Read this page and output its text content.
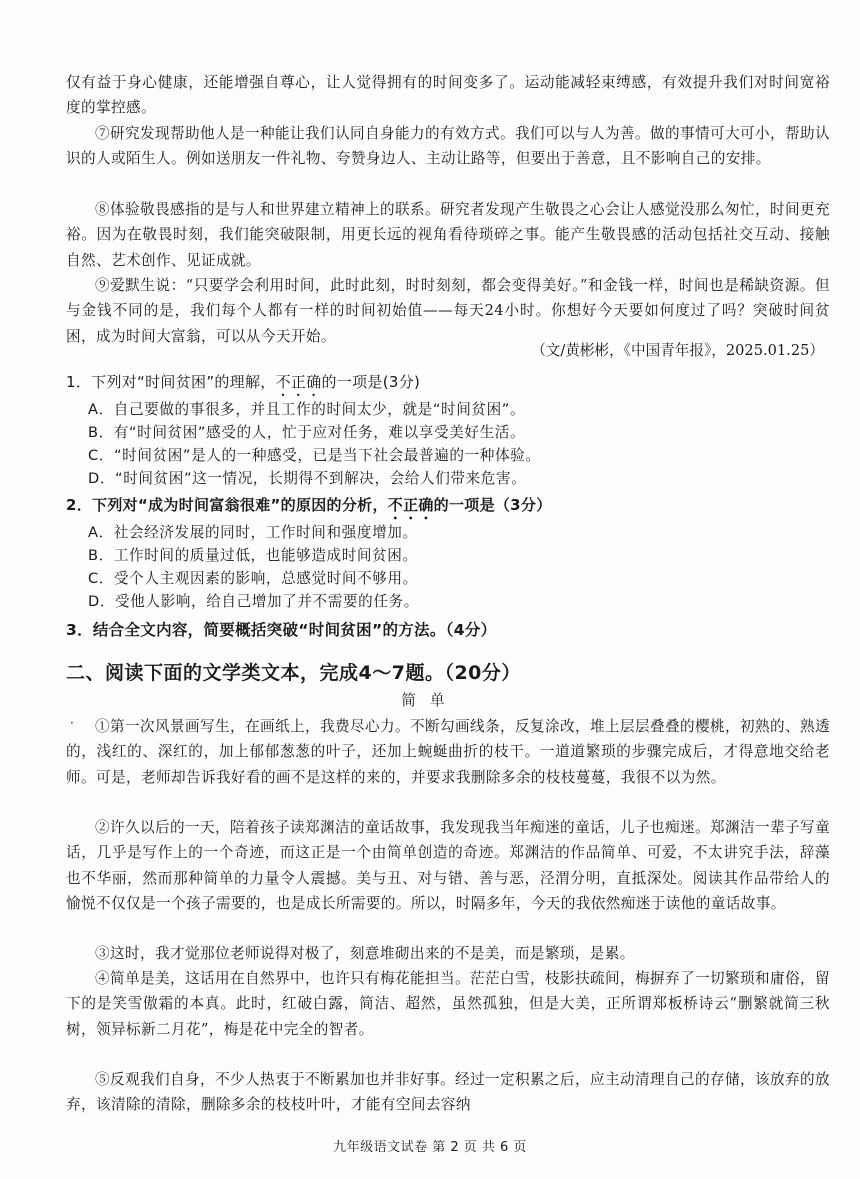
仅有益于身心健康，还能增强自尊心，让人觉得拥有的时间变多了。运动能减轻束缚感，有效提升我们对时间宽裕度的掌控感。

⑦研究发现帮助他人是一种能让我们认同自身能力的有效方式。我们可以与人为善。做的事情可大可小，帮助认识的人或陌生人。例如送朋友一件礼物、夸赞身边人、主动让路等，但要出于善意，且不影响自己的安排。

⑧体验敬畏感指的是与人和世界建立精神上的联系。研究者发现产生敬畏之心会让人感觉没那么匆忙，时间更充裕。因为在敬畏时刻，我们能突破限制，用更长远的视角看待琐碎之事。能产生敬畏感的活动包括社交互动、接触自然、艺术创作、见证成就。

⑨爱默生说：“只要学会利用时间，此时此刻，时时刻刻，都会变得美好。”和金钱一样，时间也是稀缺资源。但与金钱不同的是，我们每个人都有一样的时间初始值——每天24小时。你想好今天要如何度过了吗？突破时间贫困，成为时间大富翁，可以从今天开始。

（文/黄彬彬，《中国青年报》，2025.01.25）
1．下列对“时间贫困”的理解，不正确的一项是(3分)
A．自己要做的事很多，并且工作的时间太少，就是“时间贫困”。
B．有“时间贫困”感受的人，忙于应对任务，难以享受美好生活。
C．“时间贫困”是人的一种感受，已是当下社会最普遍的一种体验。
D．“时间贫困”这一情况，长期得不到解决，会给人们带来危害。
2．下列对“成为时间富翁很难”的原因的分析，不正确的一项是（3分）
A．社会经济发展的同时，工作时间和强度增加。
B．工作时间的质量过低，也能够造成时间贫困。
C．受个人主观因素的影响，总感觉时间不够用。
D．受他人影响，给自己增加了并不需要的任务。
3．结合全文内容，简要概括突破“时间贫困”的方法。（4分）
二、阅读下面的文学类文本，完成4～7题。（20分）
简单
·	①第一次风景画写生，在画纸上，我费尽心力。不断勾画线条，反复涂改，堆上层层叠叠的樱桃，初熟的、熟透的，浅红的、深红的，加上郁郁葱葱的叶子，还加上蜿蜒曲折的枝干。一道道繁琐的步骤完成后，才得意地交给老师。可是，老师却告诉我好看的画不是这样的来的，并要求我删除多余的枝枝蔓蔓，我很不以为然。

②许久以后的一天，陪着孩子读郑渊洁的童话故事，我发现我当年痴迷的童话，儿子也痴迷。郑渊洁一辈子写童话，几乎是写作上的一个奇迹，而这正是一个由简单创造的奇迹。郑渊洁的作品简单、可爱，不太讲究手法，辞藻也不华丽，然而那种简单的力量令人震撼。美与丑、对与错、善与恶，泾渭分明，直抵深处。阅读其作品带给人的愉悦不仅仅是一个孩子需要的，也是成长所需要的。所以，时隔多年，今天的我依然痴迷于读他的童话故事。

③这时，我才觉那位老师说得对极了，刻意堆砌出来的不是美，而是繁琐，是累。

④简单是美，这话用在自然界中，也许只有梅花能担当。茫茫白雪，枝影扶疏间，梅摒弃了一切繁琐和庸俗，留下的是笑雪傲霜的本真。此时，红破白露，简洁、超然，虽然孤独，但是大美，正所谓郑板桥诗云“删繁就简三秋树，领异标新二月花”，梅是花中完全的智者。

⑤反观我们自身，不少人热衷于不断累加也并非好事。经过一定积累之后，应主动清理自己的存储，该放弃的放弃，该清除的清除，删除多余的枝枝叶叶，才能有空间去容纳

九年级语文试卷 第 2 页 共 6 页
